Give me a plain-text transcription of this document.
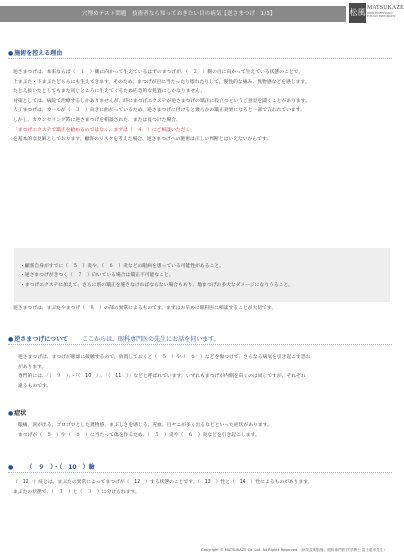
穴埋めテスト問題　技術者なら知っておきたい目の病気【逆さまつげ　1/3】	松風 MATSUKAZE
JAPAN PROFESSIONAL
EYELASH ENTHUSIASTS
●施術を控える理由

逆さまつげは、本来ならば（　１　）側に向かって生えているはずのまつげが、（　２　）側の目に向かって生えている状態のことで、

上まぶた・下まぶたどちらにも生えてきます。そのため、まつげが目に当たったり擦れたりして、慢性的な痛み、異物感などを感じます。

たとえ抜いたとしてもまた同じところに生えてくるため応急的な処置にしかなりません。

対策としては、病院で治療するしかありませんが、時にまつげエクステが逆さまつげの矯正に役立つというご意見を聞くことがあります。

人工まつげは、カールが（　３　）向きに曲がっているため、逆さまつげに付けると幾らかの矯正効果になると一部で言われています。

しかし、カウンセリング時に逆さまつげを相談された、または見つけた場合、

「まつげエクステで矯正を勧めるのではなく、まずは（　４　）にご相談いただく」

を基本的な見解としております。顧客のリスクを考えた場合、逆さまつげへの施術は正しい判断とはいえないからです。

・顧客自身がすでに（　５　）炎や、（　６　）炎などの眼病を患っている可能性があること。

・逆さまつげがきつく（　７　）向いている場合は矯正不可能なこと。

・まつげエクステに加えて、さらに別の矯正を施さなければならない場合もあり、地まつげの多大なダメージになりうること。

逆さまつげは、まぶたやまつげ（　８　）の部の異常によるものです。まずはお早めに眼科医に相談することが大切です。

●逆さまつげについて ここからは、眼科専門医の先生にお話を伺います。

逆さまつげは、まつげが眼球に接触するので、放置しておくと（　５　）や（　６　）などを傷つけて、さらなる病気を引き起こす恐れ

があります。

専門的には、「（　９　）」・「（　10　）」、「（　11　）」などと呼ばれています。いずれもまつげが内側を向くのは同じですが、それぞれ

違うものです。

●症状

眼痛、涙が出る、ゴロゴロとした異物感、まぶしさを感じる、充血、目ヤニが多く出るなどといった症状があります。

まつげが（　５　）や（　６　）に当たって傷を作るため、（　５　）炎や（　６　）炎などを引き起こします。

● （　９　）・（　10　）瞼

（　12　）症とは、まぶたの異常によってまつげが（　12　）する状態のことです。（　13　）性と（　14　）性によるものがあります。

まぶたの状態で、（　３　）と（　３　）に分けられます。

Copyright © MATSUKAZE Co.,Ltd. All Rights Reserved.（病気説明監修：眼科専門医 医学博士 富士聡彦先生）
